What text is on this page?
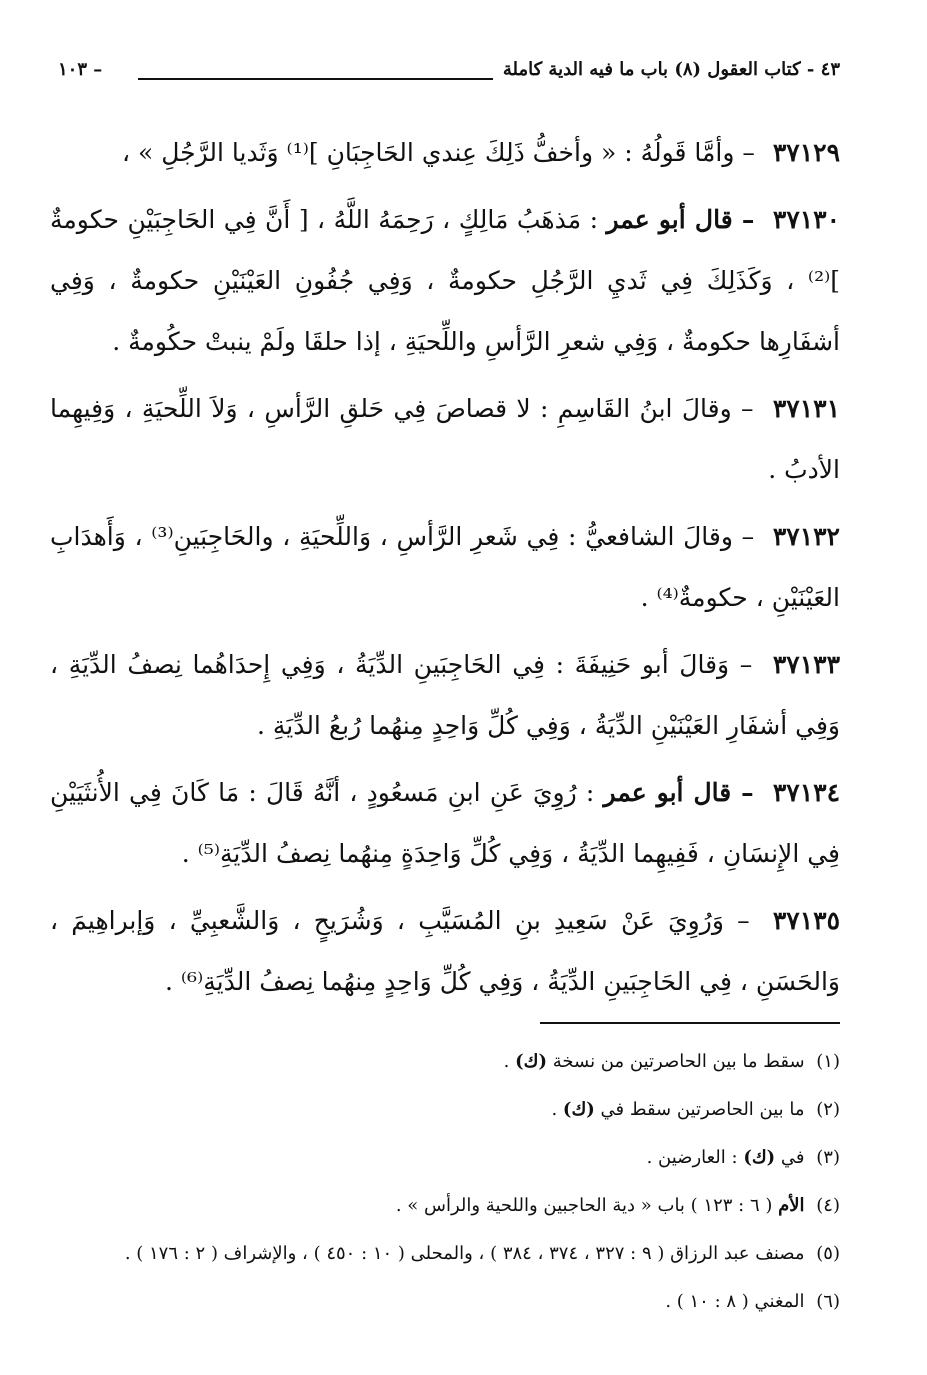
٤٣ - كتاب العقول (٨) باب ما فيه الدية كاملة
– ١٠٣

٣٧١٢٩ – وأمَّا قَولُهُ : « وأخفُّ ذَلِكَ عِندي الحَاجِبَانِ ]⁽¹⁾ وَثَديا الرَّجُلِ » ،

٣٧١٣٠ – قال أبو عمر : مَذهَبُ مَالِكٍ ، رَحِمَهُ اللَّهُ ، [ أَنَّ فِي الحَاجِبَيْنِ حكومةٌ ]⁽²⁾ ، وَكَذَلِكَ فِي ثَديِ الرَّجُلِ حكومةٌ ، وَفِي جُفُونِ العَيْنَيْنِ حكومةٌ ، وَفِي أشفَارِها حكومةٌ ، وَفِي شعرِ الرَّأسِ واللِّحيَةِ ، إذا حلقَا ولَمْ ينبتْ حكُومةٌ .

٣٧١٣١ – وقالَ ابنُ القَاسِمِ : لا قصاصَ فِي حَلقِ الرَّأسِ ، وَلاَ اللِّحيَةِ ، وَفِيهِما الأدبُ .

٣٧١٣٢ – وقالَ الشافعيُّ : فِي شَعرِ الرَّأسِ ، وَاللِّحيَةِ ، والحَاجِبَينِ⁽³⁾ ، وَأَهدَابِ العَيْنَيْنِ ، حكومةٌ⁽⁴⁾ .

٣٧١٣٣ – وَقالَ أبو حَنِيفَةَ : فِي الحَاجِبَينِ الدِّيَةُ ، وَفِي إِحدَاهُما نِصفُ الدِّيَةِ ، وَفِي أشفَارِ العَيْنَيْنِ الدِّيَةُ ، وَفِي كُلِّ وَاحِدٍ مِنهُما رُبعُ الدِّيَةِ .

٣٧١٣٤ – قال أبو عمر : رُوِيَ عَنِ ابنِ مَسعُودٍ ، أنَّهُ قَالَ : مَا كَانَ فِي الأُنثَيَيْنِ فِي الإِنسَانِ ، فَفِيهِما الدِّيَةُ ، وَفِي كُلِّ وَاحِدَةٍ مِنهُما نِصفُ الدِّيَةِ⁽⁵⁾ .

٣٧١٣٥ – وَرُوِيَ عَنْ سَعِيدِ بنِ المُسَيَّبِ ، وَشُرَيحٍ ، وَالشَّعبِيِّ ، وَإبراهِيمَ ، وَالحَسَنِ ، فِي الحَاجِبَينِ الدِّيَةُ ، وَفِي كُلِّ وَاحِدٍ مِنهُما نِصفُ الدِّيَةِ⁽⁶⁾ .

(١) سقط ما بين الحاصرتين من نسخة (ك) .
(٢) ما بين الحاصرتين سقط في (ك) .
(٣) في (ك) : العارضين .
(٤) الأم ( ٦ : ١٢٣ ) باب « دية الحاجبين واللحية والرأس » .
(٥) مصنف عبد الرزاق ( ٩ : ٣٢٧ ، ٣٧٤ ، ٣٨٤ ) ، والمحلى ( ١٠ : ٤٥٠ ) ، والإشراف ( ٢ : ١٧٦ ) .
(٦) المغني ( ٨ : ١٠ ) .
